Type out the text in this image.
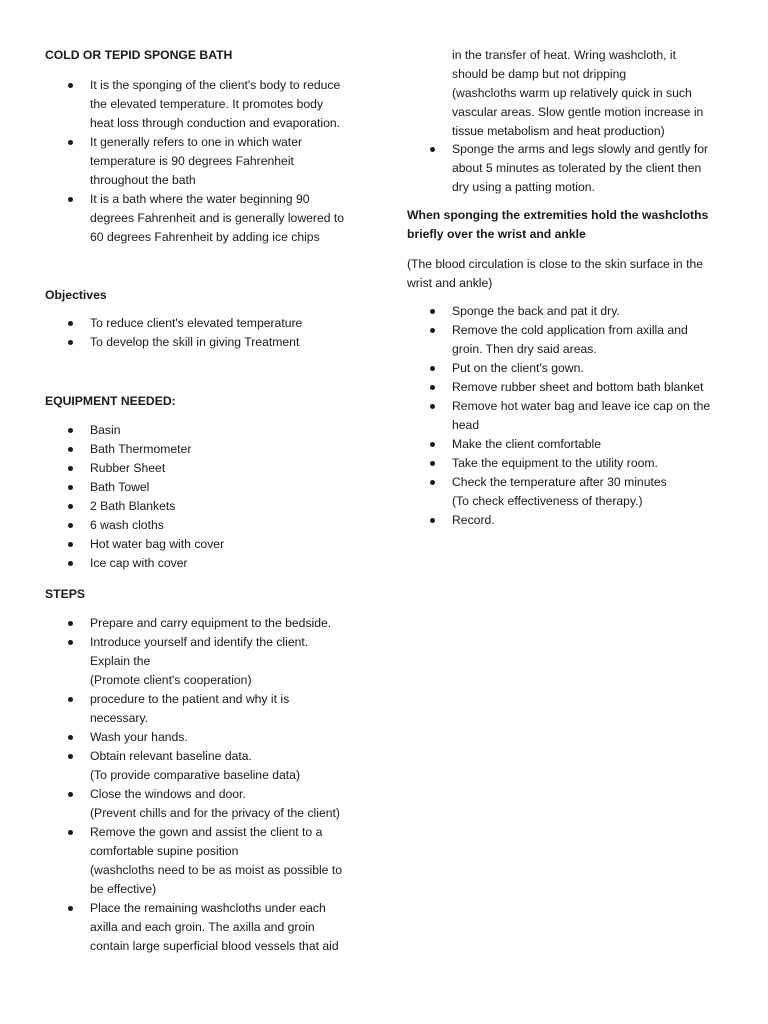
COLD OR TEPID SPONGE BATH
It is the sponging of the client's body to reduce
the elevated temperature. It promotes body
heat loss through conduction and evaporation.
It generally refers to one in which water
temperature is 90 degrees Fahrenheit
throughout the bath
It is a bath where the water beginning 90
degrees Fahrenheit and is generally lowered to
60 degrees Fahrenheit by adding ice chips
Objectives
To reduce client's elevated temperature
To develop the skill in giving Treatment
EQUIPMENT NEEDED:
Basin
Bath Thermometer
Rubber Sheet
Bath Towel
2 Bath Blankets
6 wash cloths
Hot water bag with cover
Ice cap with cover
STEPS
Prepare and carry equipment to the bedside.
Introduce yourself and identify the client.
Explain the
(Promote client's cooperation)
procedure to the patient and why it is
necessary.
Wash your hands.
Obtain relevant baseline data.
(To provide comparative baseline data)
Close the windows and door.
(Prevent chills and for the privacy of the client)
Remove the gown and assist the client to a
comfortable supine position
(washcloths need to be as moist as possible to
be effective)
Place the remaining washcloths under each
axilla and each groin. The axilla and groin
contain large superficial blood vessels that aid
in the transfer of heat. Wring washcloth, it
should be damp but not dripping
(washcloths warm up relatively quick in such
vascular areas. Slow gentle motion increase in
tissue metabolism and heat production)
Sponge the arms and legs slowly and gently for
about 5 minutes as tolerated by the client then
dry using a patting motion.
When sponging the extremities hold the washcloths
briefly over the wrist and ankle
(The blood circulation is close to the skin surface in the
wrist and ankle)
Sponge the back and pat it dry.
Remove the cold application from axilla and
groin. Then dry said areas.
Put on the client's gown.
Remove rubber sheet and bottom bath blanket
Remove hot water bag and leave ice cap on the
head
Make the client comfortable
Take the equipment to the utility room.
Check the temperature after 30 minutes
(To check effectiveness of therapy.)
Record.
